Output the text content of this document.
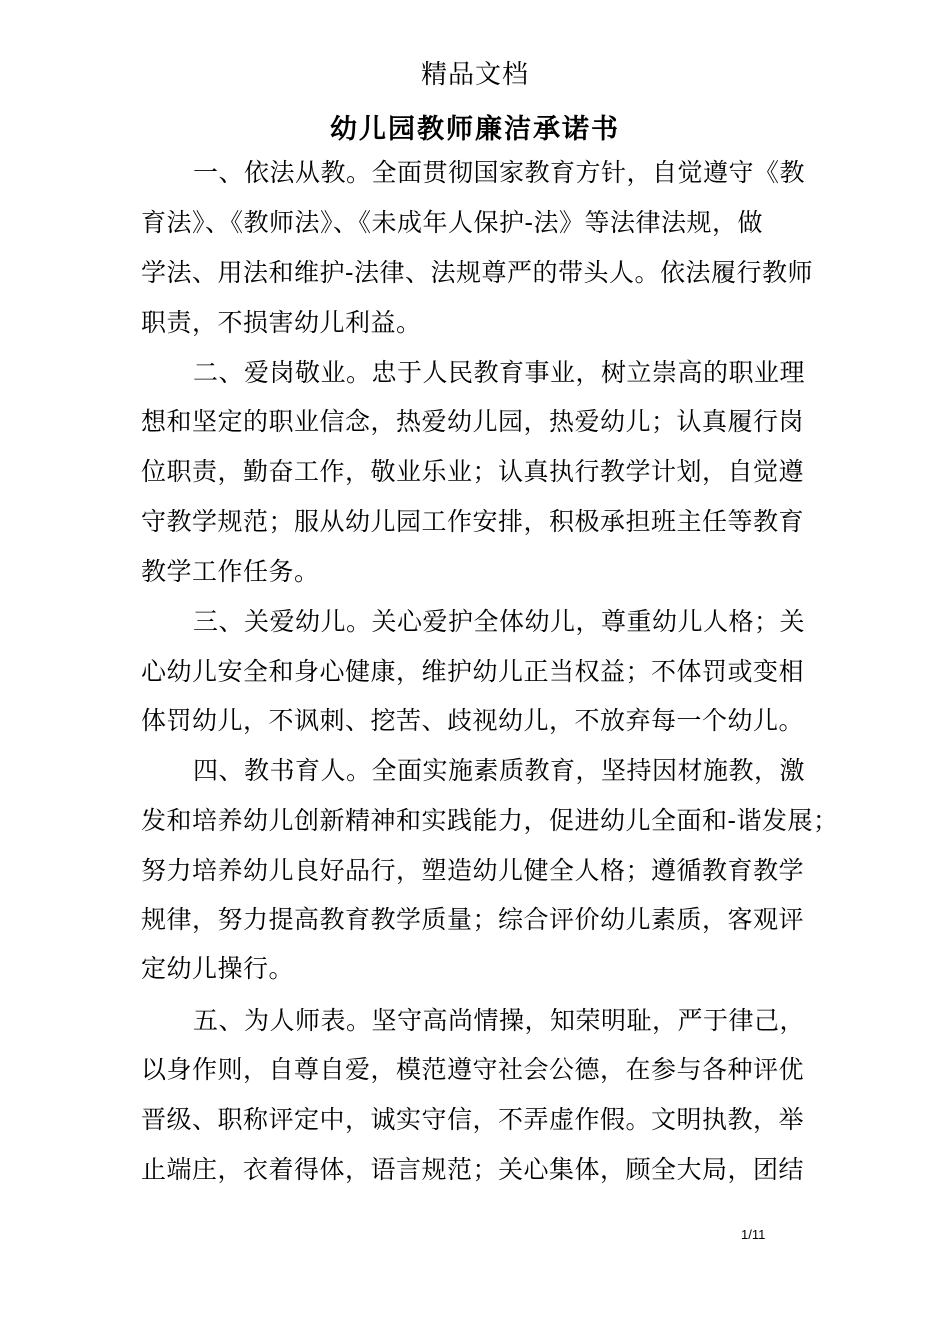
精品文档
幼儿园教师廉洁承诺书
一、依法从教。全面贯彻国家教育方针，自觉遵守《教
育法》、《教师法》、《未成年人保护-法》等法律法规，做
学法、用法和维护-法律、法规尊严的带头人。依法履行教师
职责，不损害幼儿利益。
二、爱岗敬业。忠于人民教育事业，树立崇高的职业理
想和坚定的职业信念，热爱幼儿园，热爱幼儿；认真履行岗
位职责，勤奋工作，敬业乐业；认真执行教学计划，自觉遵
守教学规范；服从幼儿园工作安排，积极承担班主任等教育
教学工作任务。
三、关爱幼儿。关心爱护全体幼儿，尊重幼儿人格；关
心幼儿安全和身心健康，维护幼儿正当权益；不体罚或变相
体罚幼儿，不讽刺、挖苦、歧视幼儿，不放弃每一个幼儿。
四、教书育人。全面实施素质教育，坚持因材施教，激
发和培养幼儿创新精神和实践能力，促进幼儿全面和-谐发展；
努力培养幼儿良好品行，塑造幼儿健全人格；遵循教育教学
规律，努力提高教育教学质量；综合评价幼儿素质，客观评
定幼儿操行。
五、为人师表。坚守高尚情操，知荣明耻，严于律己，
以身作则，自尊自爱，模范遵守社会公德，在参与各种评优
晋级、职称评定中，诚实守信，不弄虚作假。文明执教，举
止端庄，衣着得体，语言规范；关心集体，顾全大局，团结
1/11
